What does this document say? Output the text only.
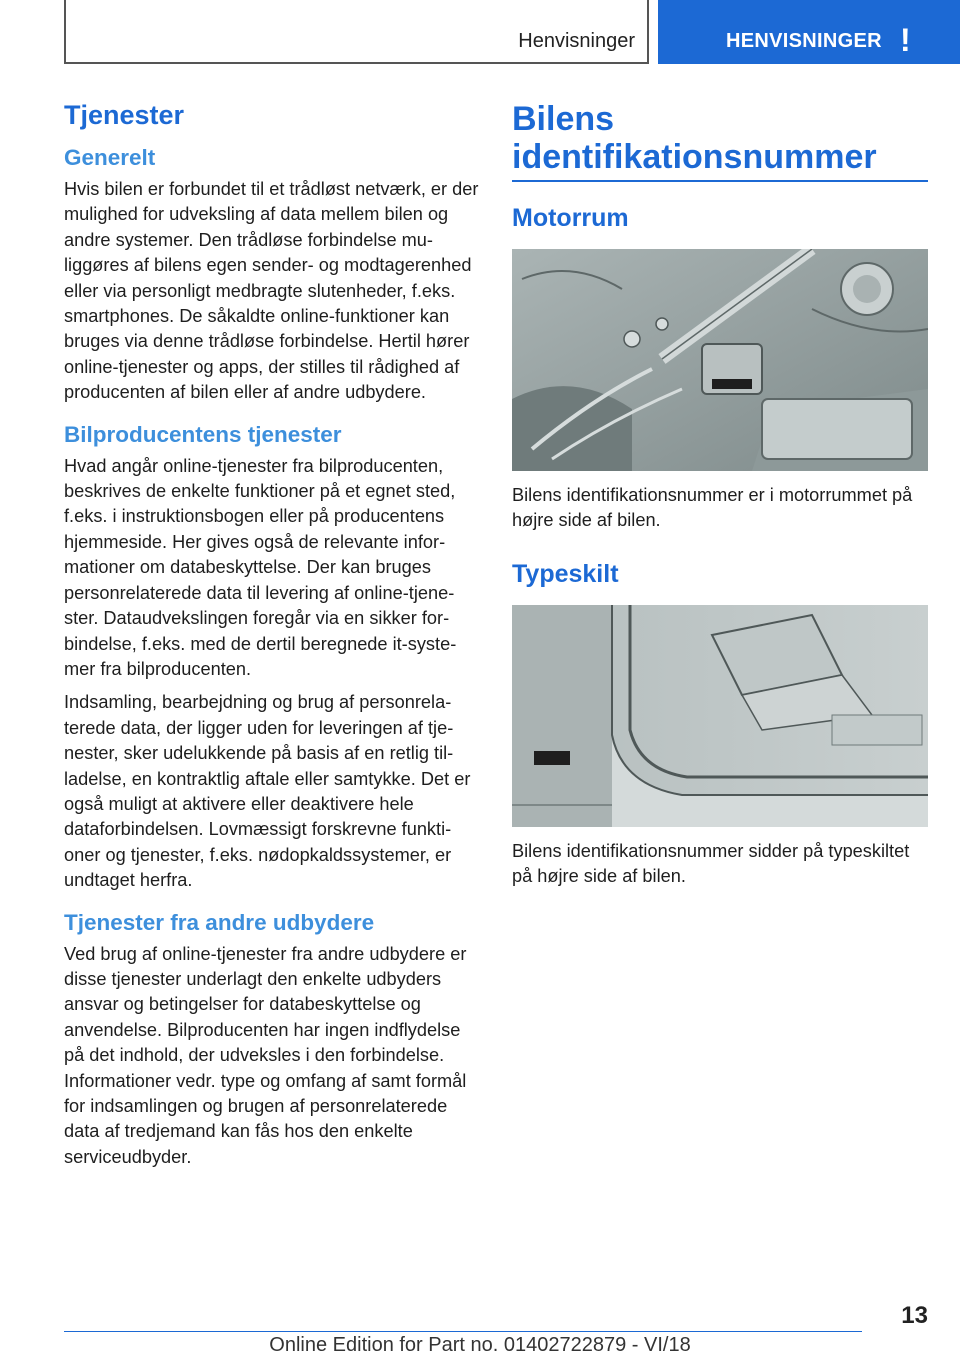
Henvisninger	HENVISNINGER !
Tjenester
Generelt

Hvis bilen er forbundet til et trådløst netværk, er der mulighed for udveksling af data mellem bilen og andre systemer. Den trådløse forbindelse muliggøres af bilens egen sender- og modtagerenhed eller via personligt medbragte slutenheder, f.eks. smartphones. De såkaldte online-funktioner kan bruges via denne trådløse forbindelse. Hertil hører online-tjenester og apps, der stilles til rådighed af producenten af bilen eller af andre udbydere.

Bilproducentens tjenester

Hvad angår online-tjenester fra bilproducenten, beskrives de enkelte funktioner på et egnet sted, f.eks. i instruktionsbogen eller på producentens hjemmeside. Her gives også de relevante informationer om databeskyttelse. Der kan bruges personrelaterede data til levering af online-tjenester. Dataudvekslingen foregår via en sikker forbindelse, f.eks. med de dertil beregnede it-systemer fra bilproducenten.

Indsamling, bearbejdning og brug af personrelaterede data, der ligger uden for leveringen af tjenester, sker udelukkende på basis af en retlig tilladelse, en kontraktlig aftale eller samtykke. Det er også muligt at aktivere eller deaktivere hele dataforbindelsen. Lovmæssigt forskrevne funktioner og tjenester, f.eks. nødopkaldssystemer, er undtaget herfra.

Tjenester fra andre udbydere

Ved brug af online-tjenester fra andre udbydere er disse tjenester underlagt den enkelte udbyders ansvar og betingelser for databeskyttelse og anvendelse. Bilproducenten har ingen indflydelse på det indhold, der udveksles i den forbindelse. Informationer vedr. type og omfang af samt formål for indsamlingen og brugen af personrelaterede data af tredjemand kan fås hos den enkelte serviceudbyder.

Bilens identifikationsnummer
Motorrum

Bilens identifikationsnummer er i motorrummet på højre side af bilen.

Typeskilt

Bilens identifikationsnummer sidder på typeskiltet på højre side af bilen.

13
Online Edition for Part no. 01402722879 - VI/18
